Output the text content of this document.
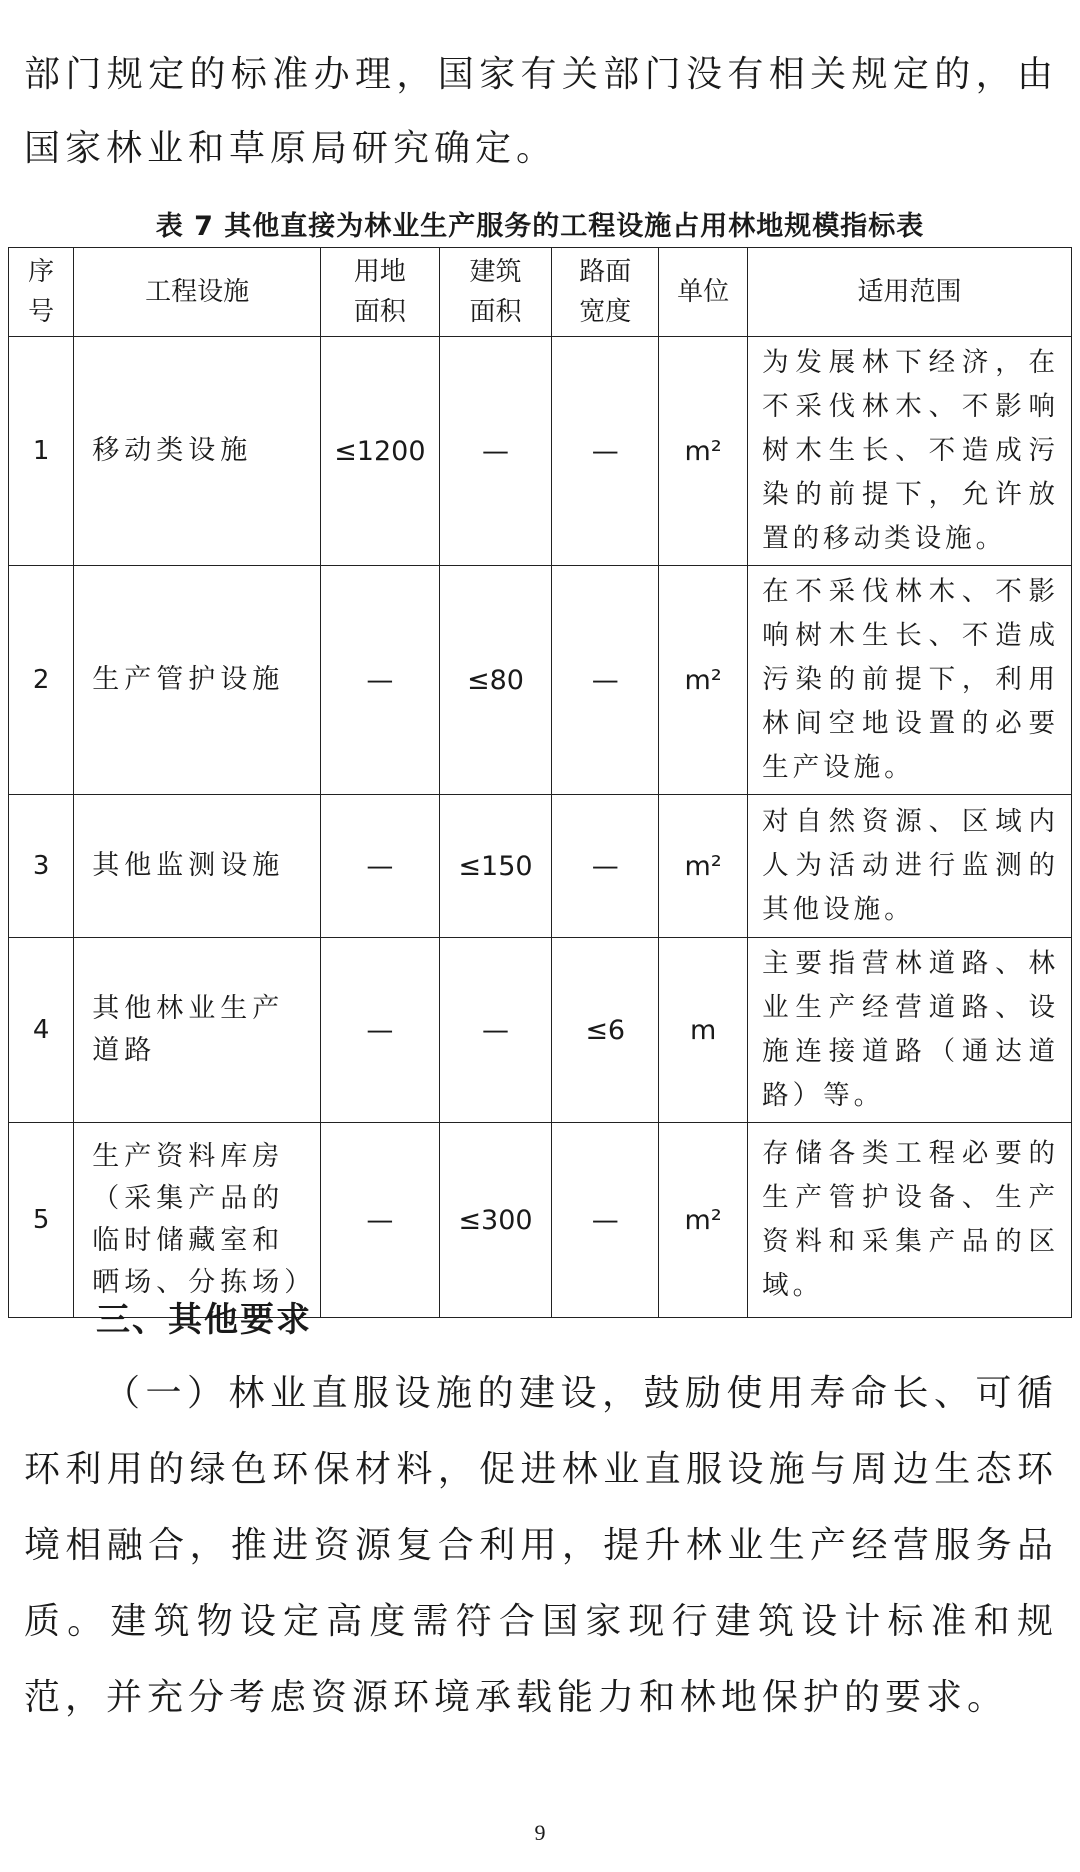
部门规定的标准办理，国家有关部门没有相关规定的，由国家林业和草原局研究确定。

表 7 其他直接为林业生产服务的工程设施占用林地规模指标表

序号	工程设施	用地面积	建筑面积	路面宽度	单位	适用范围
1	移动类设施	≤1200	—	—	m²	为发展林下经济，在不采伐林木、不影响树木生长、不造成污染的前提下，允许放置的移动类设施。
2	生产管护设施	—	≤80	—	m²	在不采伐林木、不影响树木生长、不造成污染的前提下，利用林间空地设置的必要生产设施。
3	其他监测设施	—	≤150	—	m²	对自然资源、区域内人为活动进行监测的其他设施。
4	其他林业生产道路	—	—	≤6	m	主要指营林道路、林业生产经营道路、设施连接道路（通达道路）等。
5	生产资料库房（采集产品的临时储藏室和晒场、分拣场）	—	≤300	—	m²	存储各类工程必要的生产管护设备、生产资料和采集产品的区域。
三、其他要求

（一）林业直服设施的建设，鼓励使用寿命长、可循环利用的绿色环保材料，促进林业直服设施与周边生态环境相融合，推进资源复合利用，提升林业生产经营服务品质。建筑物设定高度需符合国家现行建筑设计标准和规范，并充分考虑资源环境承载能力和林地保护的要求。

9
